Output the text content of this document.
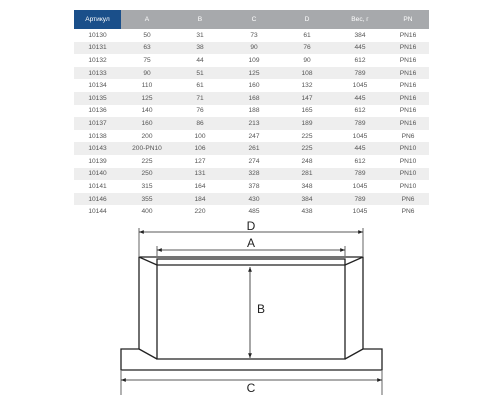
Артикул	A	B	C	D	Вес, г	PN
10130	50	31	73	61	384	PN16
10131	63	38	90	76	445	PN16
10132	75	44	109	90	612	PN16
10133	90	51	125	108	789	PN16
10134	110	61	160	132	1045	PN16
10135	125	71	168	147	445	PN16
10136	140	76	188	165	612	PN16
10137	160	86	213	189	789	PN16
10138	200	100	247	225	1045	PN6
10143	200-PN10	106	261	225	445	PN10
10139	225	127	274	248	612	PN10
10140	250	131	328	281	789	PN10
10141	315	164	378	348	1045	PN10
10146	355	184	430	384	789	PN6
10144	400	220	485	438	1045	PN6
D
A
B
C
